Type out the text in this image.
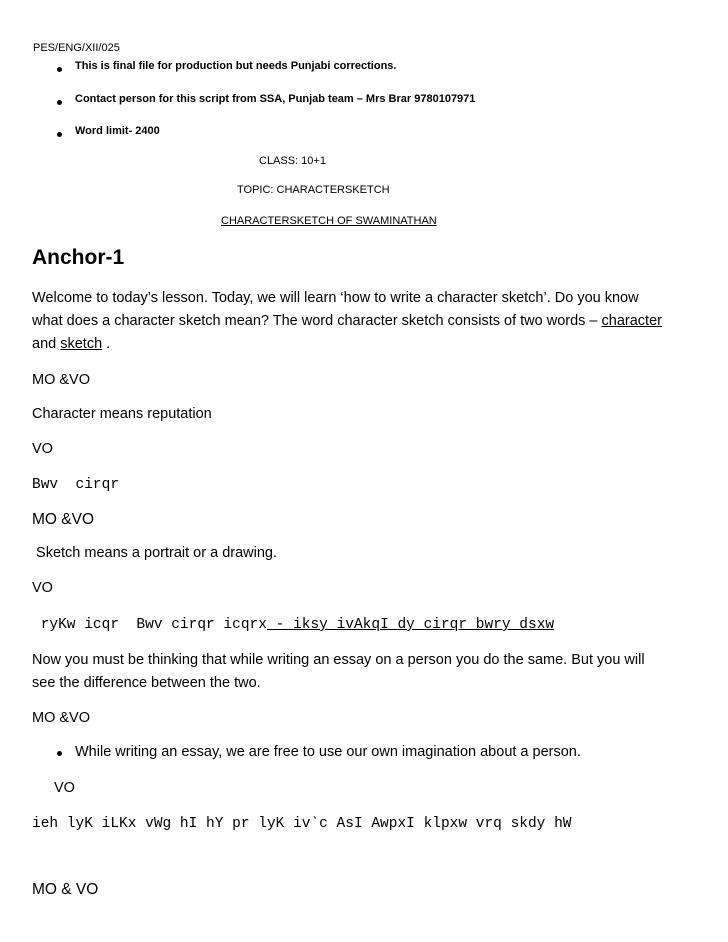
PES/ENG/XII/025
This is final file for production but needs Punjabi corrections.
Contact person for this script from SSA, Punjab team – Mrs Brar 9780107971
Word limit- 2400
CLASS: 10+1
TOPIC: CHARACTERSKETCH
CHARACTERSKETCH OF SWAMINATHAN
Anchor-1
Welcome to today’s lesson. Today, we will learn ‘how to write a character sketch’. Do you know
what does a character sketch mean? The word character sketch consists of two words – character
and sketch .
MO &VO
Character means reputation
VO
Bwv  cirqr
MO &VO
Sketch means a portrait or a drawing.
VO
ryKw icqr  Bwv cirqr icqrx - iksy ivAkqI dy cirqr bwry dsxw
Now you must be thinking that while writing an essay on a person you do the same. But you will
see the difference between the two.
MO &VO
While writing an essay, we are free to use our own imagination about a person.
VO
ieh lyK iLKx vWg hI hY pr lyK iv`c AsI AwpxI klpxw vrq skdy hW
MO & VO
